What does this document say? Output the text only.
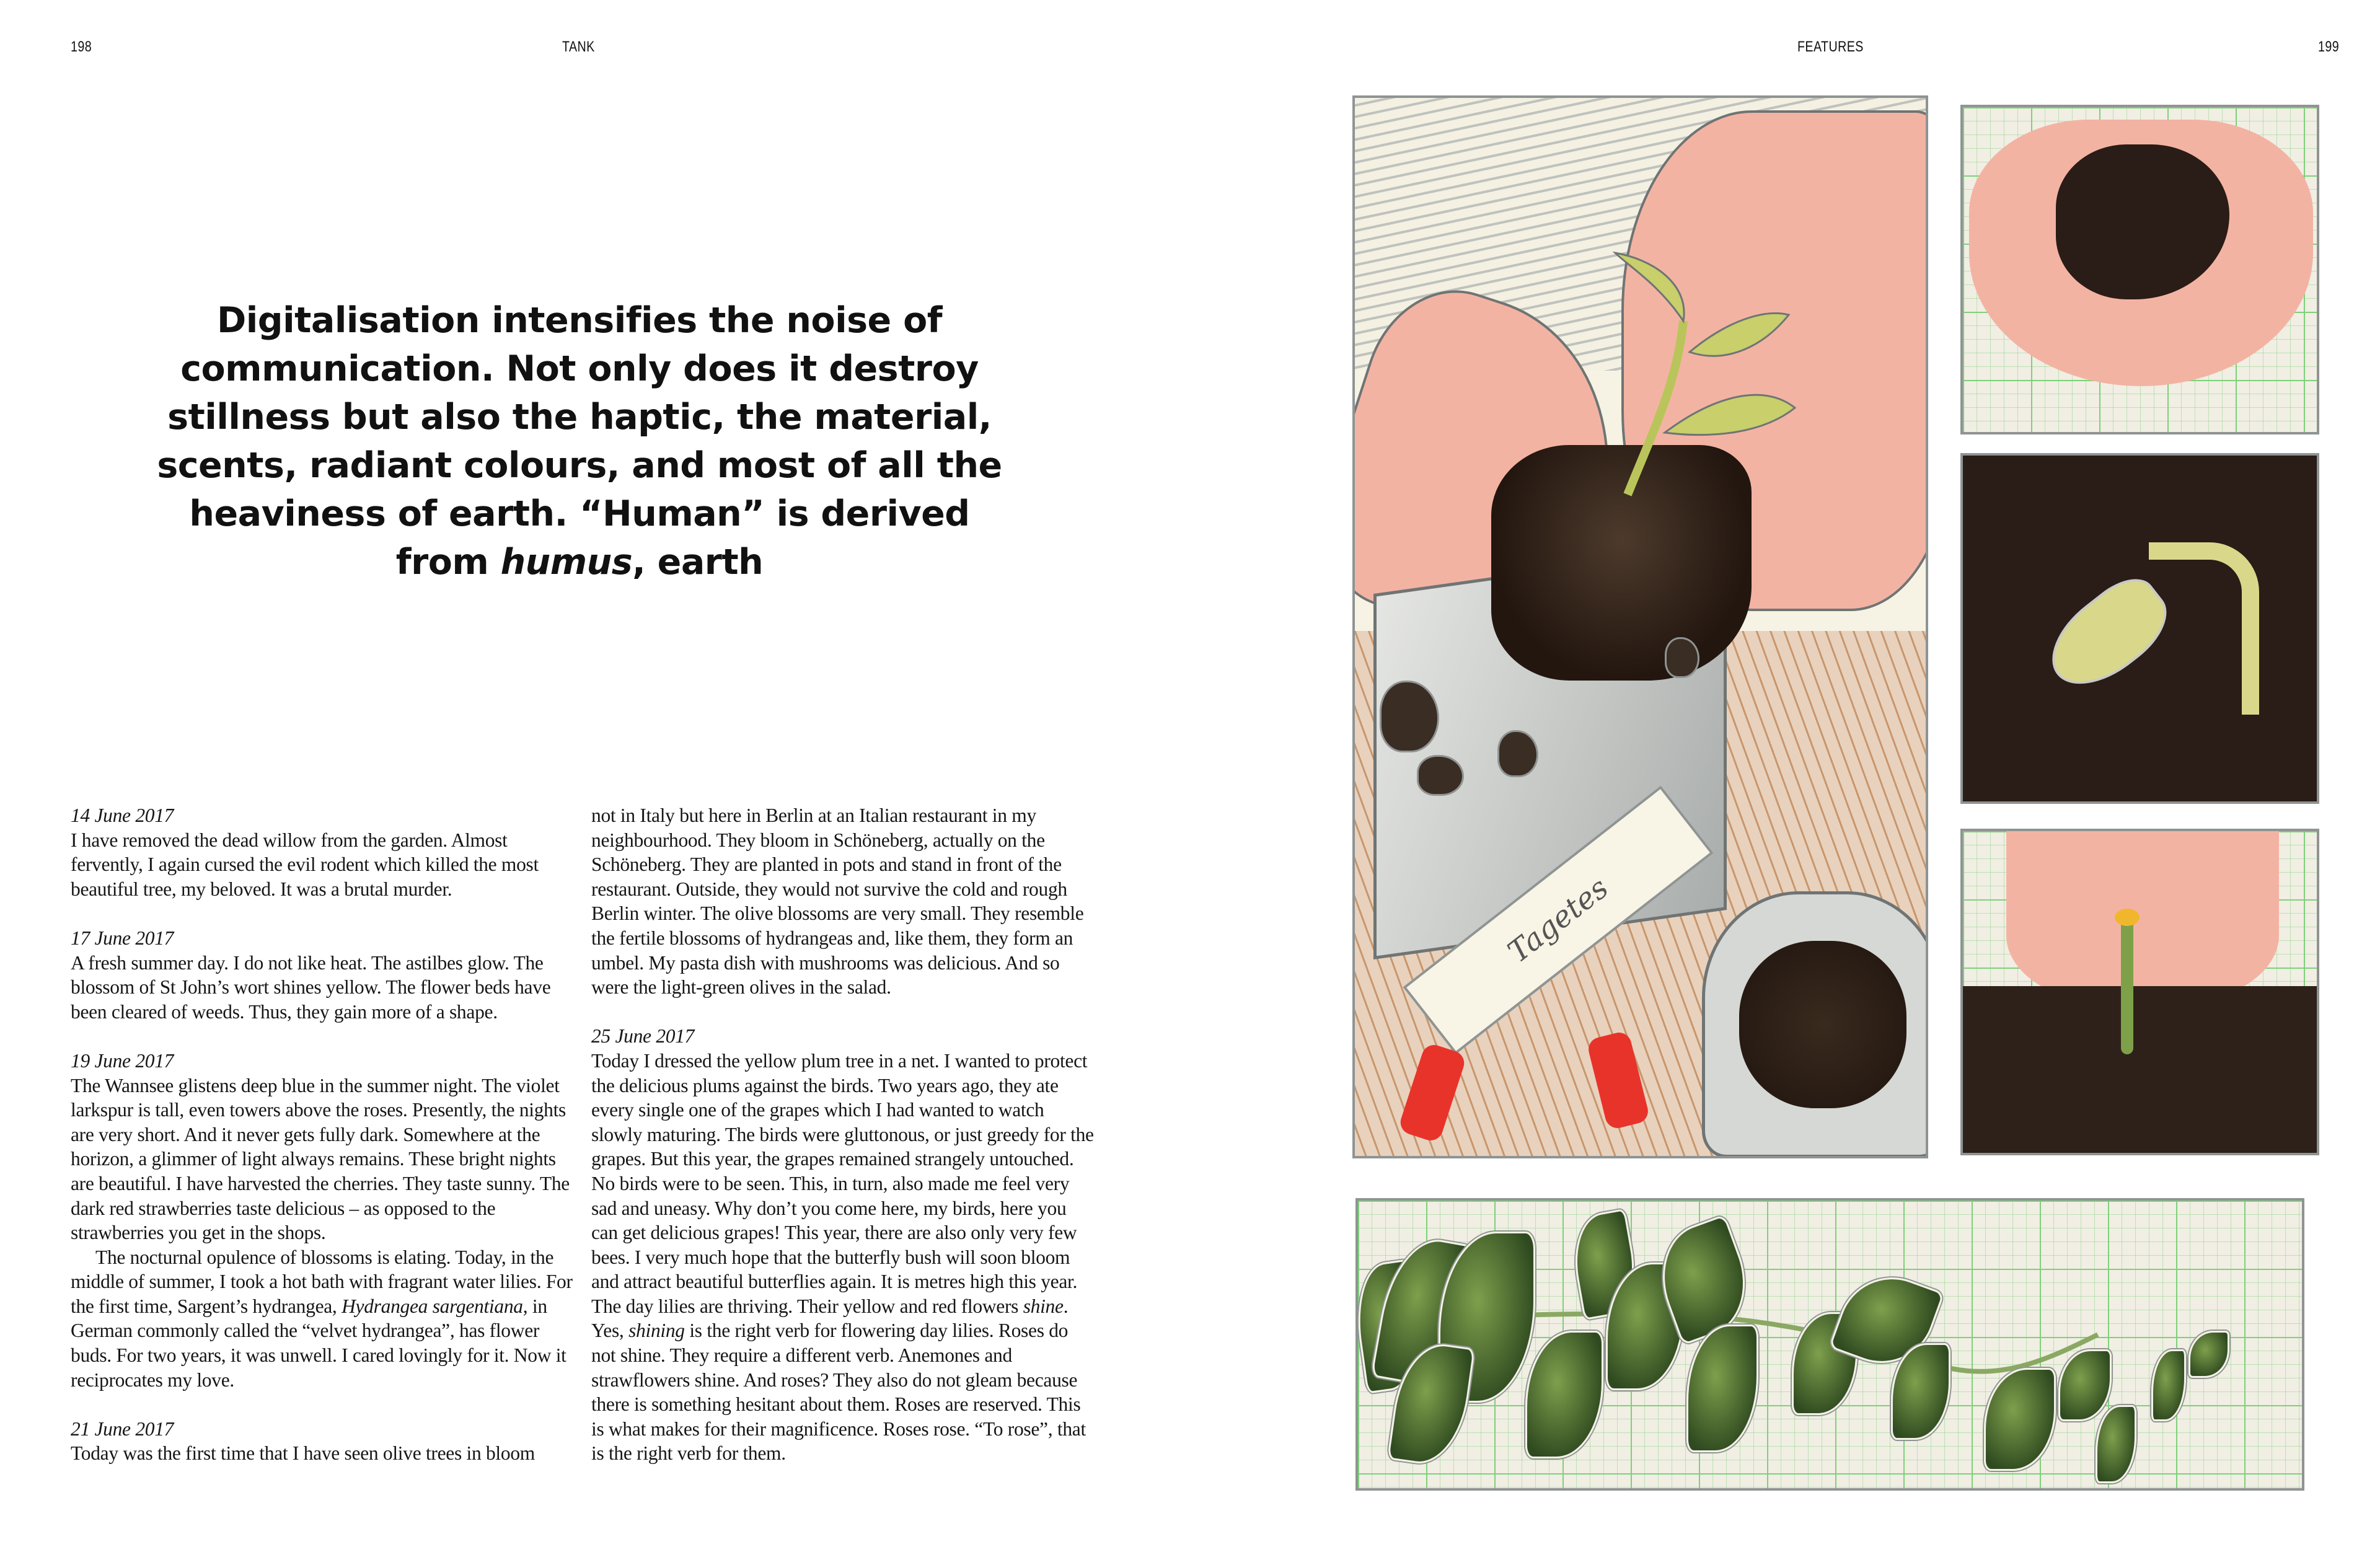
198	TANK	FEATURES	199
Digitalisation intensifies the noise of communication. Not only does it destroy stillness but also the haptic, the material, scents, radiant colours, and most of all the heaviness of earth. “Human” is derived from humus, earth
14 June 2017

I have removed the dead willow from the garden. Almost fervently, I again cursed the evil rodent which killed the most beautiful tree, my beloved. It was a brutal murder.

17 June 2017

A fresh summer day. I do not like heat. The astilbes glow. The blossom of St John’s wort shines yellow. The flower beds have been cleared of weeds. Thus, they gain more of a shape.

19 June 2017

The Wannsee glistens deep blue in the summer night. The violet larkspur is tall, even towers above the roses. Presently, the nights are very short. And it never gets fully dark. Somewhere at the horizon, a glimmer of light always remains. These bright nights are beautiful. I have harvested the cherries. They taste sunny. The dark red strawberries taste delicious – as opposed to the strawberries you get in the shops.

The nocturnal opulence of blossoms is elating. Today, in the middle of summer, I took a hot bath with fragrant water lilies. For the first time, Sargent’s hydrangea, Hydrangea sargentiana, in German commonly called the “velvet hydrangea”, has flower buds. For two years, it was unwell. I cared lovingly for it. Now it reciprocates my love.

21 June 2017

Today was the first time that I have seen olive trees in bloom

not in Italy but here in Berlin at an Italian restaurant in my neighbourhood. They bloom in Schöneberg, actually on the Schöneberg. They are planted in pots and stand in front of the restaurant. Outside, they would not survive the cold and rough Berlin winter. The olive blossoms are very small. They resemble the fertile blossoms of hydrangeas and, like them, they form an umbel. My pasta dish with mushrooms was delicious. And so were the light-green olives in the salad.

25 June 2017

Today I dressed the yellow plum tree in a net. I wanted to protect the delicious plums against the birds. Two years ago, they ate every single one of the grapes which I had wanted to watch slowly maturing. The birds were gluttonous, or just greedy for the grapes. But this year, the grapes remained strangely untouched. No birds were to be seen. This, in turn, also made me feel very sad and uneasy. Why don’t you come here, my birds, here you can get delicious grapes! This year, there are also only very few bees. I very much hope that the butterfly bush will soon bloom and attract beautiful butterflies again. It is metres high this year. The day lilies are thriving. Their yellow and red flowers shine. Yes, shining is the right verb for flowering day lilies. Roses do not shine. They require a different verb. Anemones and strawflowers shine. And roses? They also do not gleam because there is something hesitant about them. Roses are reserved. This is what makes for their magnificence. Roses rose. “To rose”, that is the right verb for them.

Tagetes
